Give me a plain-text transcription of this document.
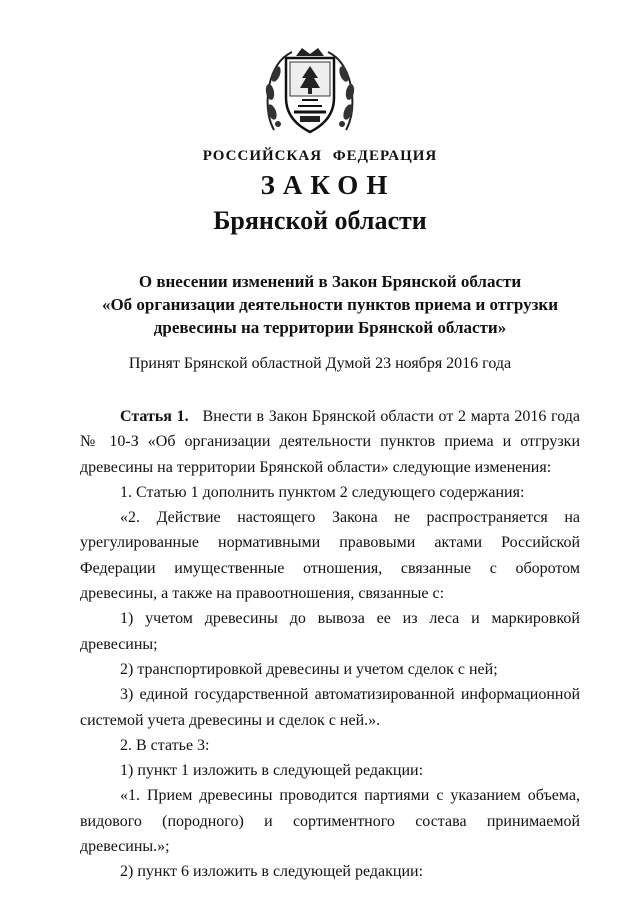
РОССИЙСКАЯ ФЕДЕРАЦИЯ
ЗАКОН
Брянской области
О внесении изменений в Закон Брянской области
«Об организации деятельности пунктов приема и отгрузки
древесины на территории Брянской области»
Принят Брянской областной Думой 23 ноября 2016 года

Статья 1. Внести в Закон Брянской области от 2 марта 2016 года № 10-З «Об организации деятельности пунктов приема и отгрузки древесины на территории Брянской области» следующие изменения:

1. Статью 1 дополнить пунктом 2 следующего содержания:

«2. Действие настоящего Закона не распространяется на урегулированные нормативными правовыми актами Российской Федерации имущественные отношения, связанные с оборотом древесины, а также на правоотношения, связанные с:

1) учетом древесины до вывоза ее из леса и маркировкой древесины;

2) транспортировкой древесины и учетом сделок с ней;

3) единой государственной автоматизированной информационной системой учета древесины и сделок с ней.».

2. В статье 3:

1) пункт 1 изложить в следующей редакции:

«1. Прием древесины проводится партиями с указанием объема, видового (породного) и сортиментного состава принимаемой древесины.»;

2) пункт 6 изложить в следующей редакции:
